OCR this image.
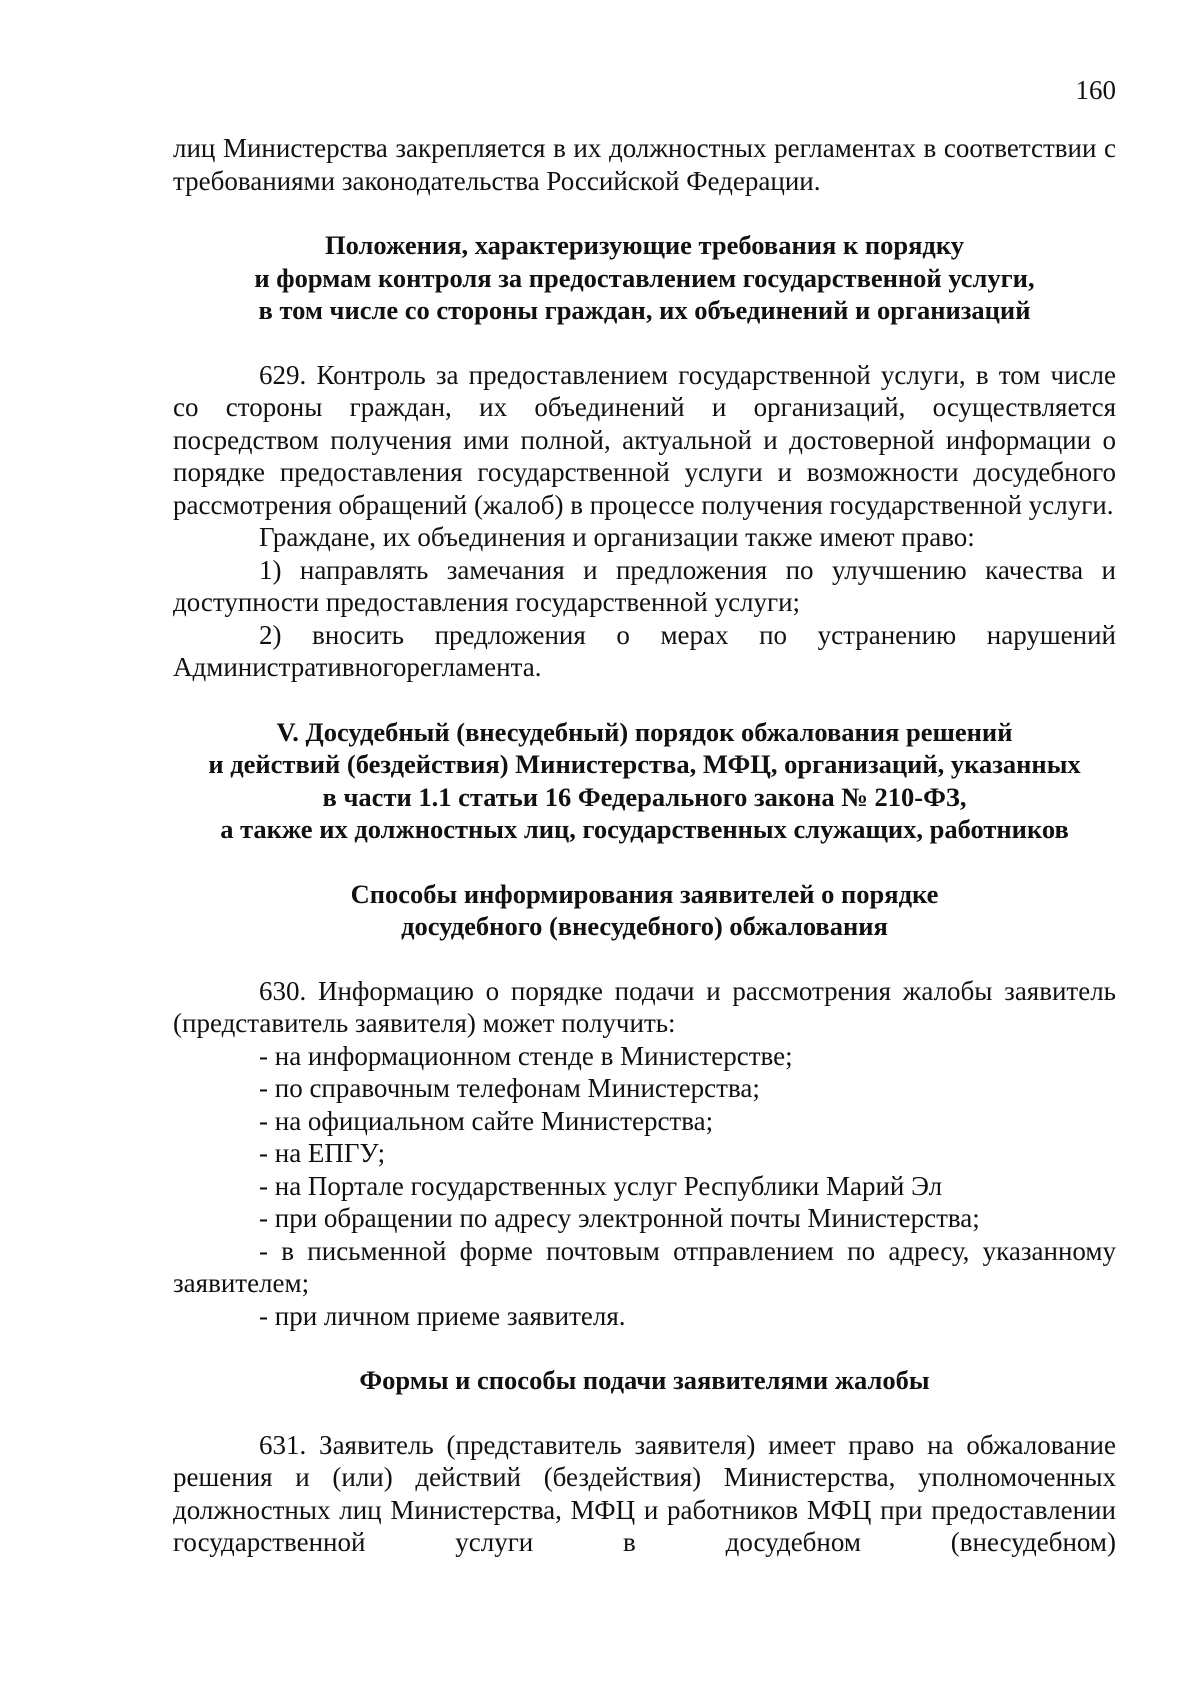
160

лиц Министерства закрепляется в их должностных регламентах в соответствии с требованиями законодательства Российской Федерации.

Положения, характеризующие требования к порядку

и формам контроля за предоставлением государственной услуги,

в том числе со стороны граждан, их объединений и организаций

629. Контроль за предоставлением государственной услуги, в том числе со стороны граждан, их объединений и организаций, осуществляется посредством получения ими полной, актуальной и достоверной информации о порядке предоставления государственной услуги и возможности досудебного рассмотрения обращений (жалоб) в процессе получения государственной услуги.

Граждане, их объединения и организации также имеют право:

1) направлять замечания и предложения по улучшению качества и доступности предоставления государственной услуги;

2) вносить предложения о мерах по устранению нарушений Административногорегламента.

V. Досудебный (внесудебный) порядок обжалования решений

и действий (бездействия) Министерства, МФЦ, организаций, указанных

в части 1.1 статьи 16 Федерального закона № 210-ФЗ,

а также их должностных лиц, государственных служащих, работников

Способы информирования заявителей о порядке

досудебного (внесудебного) обжалования

630. Информацию о порядке подачи и рассмотрения жалобы заявитель (представитель заявителя) может получить:

- на информационном стенде в Министерстве;

- по справочным телефонам Министерства;

- на официальном сайте Министерства;

- на ЕПГУ;

- на Портале государственных услуг Республики Марий Эл

- при обращении по адресу электронной почты Министерства;

- в письменной форме почтовым отправлением по адресу, указанному заявителем;

- при личном приеме заявителя.

Формы и способы подачи заявителями жалобы

631. Заявитель (представитель заявителя) имеет право на обжалование решения и (или) действий (бездействия) Министерства, уполномоченных должностных лиц Министерства, МФЦ и работников МФЦ при предоставлении государственной услуги в досудебном (внесудебном)
